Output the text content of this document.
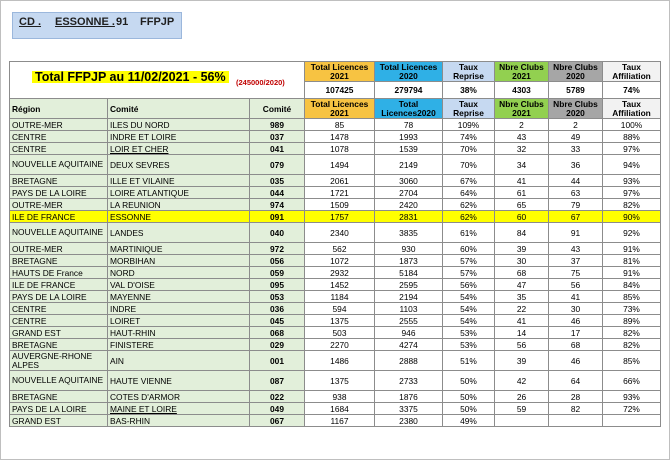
CD . ESSONNE . 91 FFPJP
Total FFPJP au 11/02/2021 - 56% (245000/2020)			Total Licences 2021	Total Licences 2020	Taux Reprise	Nbre Clubs 2021	Nbre Clubs 2020	Taux Affiliation
			107425	279794	38%	4303	5789	74%
Région	Comité	Comité	Total Licences 2021	Total Licences2020	Taux Reprise	Nbre Clubs 2021	Nbre Clubs 2020	Taux Affiliation
OUTRE-MER	ILES DU NORD	989	85	78	109%	2	2	100%
CENTRE	INDRE ET LOIRE	037	1478	1993	74%	43	49	88%
CENTRE	LOIR ET CHER	041	1078	1539	70%	32	33	97%
NOUVELLE AQUITAINE	DEUX SEVRES	079	1494	2149	70%	34	36	94%
BRETAGNE	ILLE ET VILAINE	035	2061	3060	67%	41	44	93%
PAYS DE LA LOIRE	LOIRE ATLANTIQUE	044	1721	2704	64%	61	63	97%
OUTRE-MER	LA REUNION	974	1509	2420	62%	65	79	82%
ILE DE FRANCE	ESSONNE	091	1757	2831	62%	60	67	90%
NOUVELLE AQUITAINE	LANDES	040	2340	3835	61%	84	91	92%
OUTRE-MER	MARTINIQUE	972	562	930	60%	39	43	91%
BRETAGNE	MORBIHAN	056	1072	1873	57%	30	37	81%
HAUTS DE France	NORD	059	2932	5184	57%	68	75	91%
ILE DE FRANCE	VAL D'OISE	095	1452	2595	56%	47	56	84%
PAYS DE LA LOIRE	MAYENNE	053	1184	2194	54%	35	41	85%
CENTRE	INDRE	036	594	1103	54%	22	30	73%
CENTRE	LOIRET	045	1375	2555	54%	41	46	89%
GRAND EST	HAUT-RHIN	068	503	946	53%	14	17	82%
BRETAGNE	FINISTERE	029	2270	4274	53%	56	68	82%
AUVERGNE-RHONE ALPES	AIN	001	1486	2888	51%	39	46	85%
NOUVELLE AQUITAINE	HAUTE VIENNE	087	1375	2733	50%	42	64	66%
BRETAGNE	COTES D'ARMOR	022	938	1876	50%	26	28	93%
PAYS DE LA LOIRE	MAINE ET LOIRE	049	1684	3375	50%	59	82	72%
GRAND EST	BAS-RHIN	067	1167	2380	49%			
